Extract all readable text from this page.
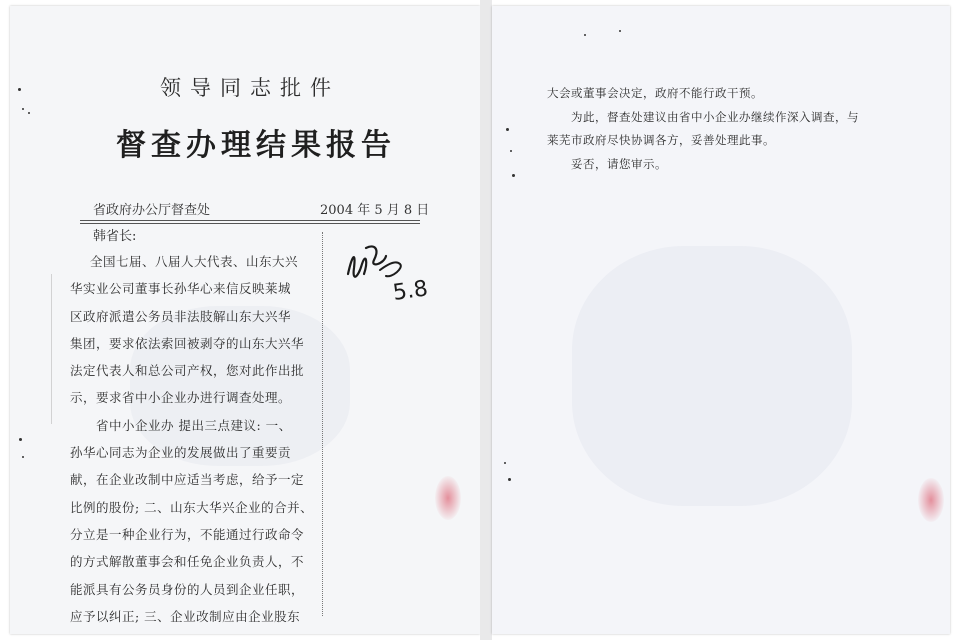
领导同志批件
督查办理结果报告
省政府办公厅督查处	2004 年 5 月 8 日
韩省长:
全国七届、八届人大代表、山东大兴
华实业公司董事长孙华心来信反映莱城
区政府派遣公务员非法肢解山东大兴华
集团，要求依法索回被剥夺的山东大兴华
法定代表人和总公司产权，您对此作出批
示，要求省中小企业办进行调查处理。
省中小企业办 提出三点建议: 一、
孙华心同志为企业的发展做出了重要贡
献，在企业改制中应适当考虑，给予一定
比例的股份; 二、山东大华兴企业的合并、
分立是一种企业行为，不能通过行政命令
的方式解散董事会和任免企业负责人，不
能派具有公务员身份的人员到企业任职，
应予以纠正; 三、企业改制应由企业股东
5.8
大会或董事会决定，政府不能行政干预。
为此，督查处建议由省中小企业办继续作深入调查，与
莱芜市政府尽快协调各方，妥善处理此事。
妥否，请您审示。
